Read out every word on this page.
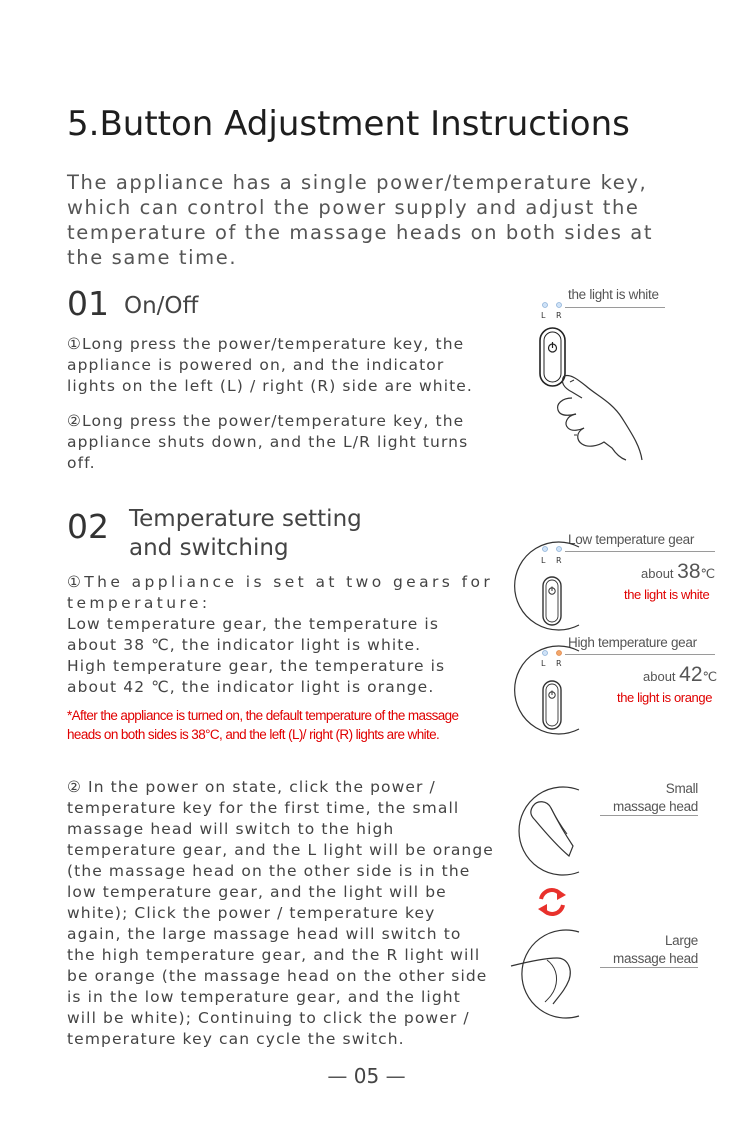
5.Button Adjustment Instructions
The appliance has a single power/temperature key, which can control the power supply and adjust the temperature of the massage heads on both sides at the same time.
01 On/Off
①Long press the power/temperature key, the appliance is powered on, and the indicator lights on the left (L) / right (R) side are white.
②Long press the power/temperature key, the appliance shuts down, and the L/R light turns off.
the light is white
L R
02 Temperature setting
and switching
①The appliance is set at two gears for temperature:
Low temperature gear, the temperature is about 38 ℃, the indicator light is white.
High temperature gear, the temperature is about 42 ℃, the indicator light is orange.
*After the appliance is turned on, the default temperature of the massage heads on both sides is 38°C, and the left (L)/ right (R) lights are white.
② In the power on state, click the power / temperature key for the first time, the small massage head will switch to the high temperature gear, and the L light will be orange (the massage head on the other side is in the low temperature gear, and the light will be white); Click the power / temperature key again, the large massage head will switch to the high temperature gear, and the R light will be orange (the massage head on the other side is in the low temperature gear, and the light will be white); Continuing to click the power / temperature key can cycle the switch.
Low temperature gear
L R
about 38℃
the light is white
High temperature gear
L R
about 42℃
the light is orange
Small
massage head
Large
massage head
— 05 —
